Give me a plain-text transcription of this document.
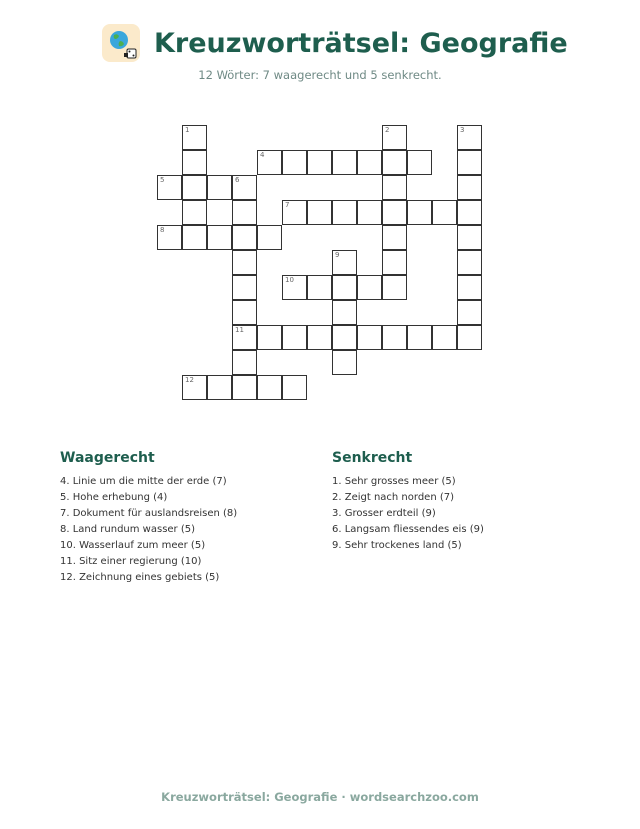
Kreuzworträtsel: Geografie
12 Wörter: 7 waagerecht und 5 senkrecht.
1	2	3
4
5	6
11
7
8
9
10
12
Waagerecht
4. Linie um die mitte der erde (7)
5. Hohe erhebung (4)
7. Dokument für auslandsreisen (8)
8. Land rundum wasser (5)
10. Wasserlauf zum meer (5)
11. Sitz einer regierung (10)
12. Zeichnung eines gebiets (5)
Senkrecht
1. Sehr grosses meer (5)
2. Zeigt nach norden (7)
3. Grosser erdteil (9)
6. Langsam fliessendes eis (9)
9. Sehr trockenes land (5)
Kreuzworträtsel: Geografie · wordsearchzoo.com
